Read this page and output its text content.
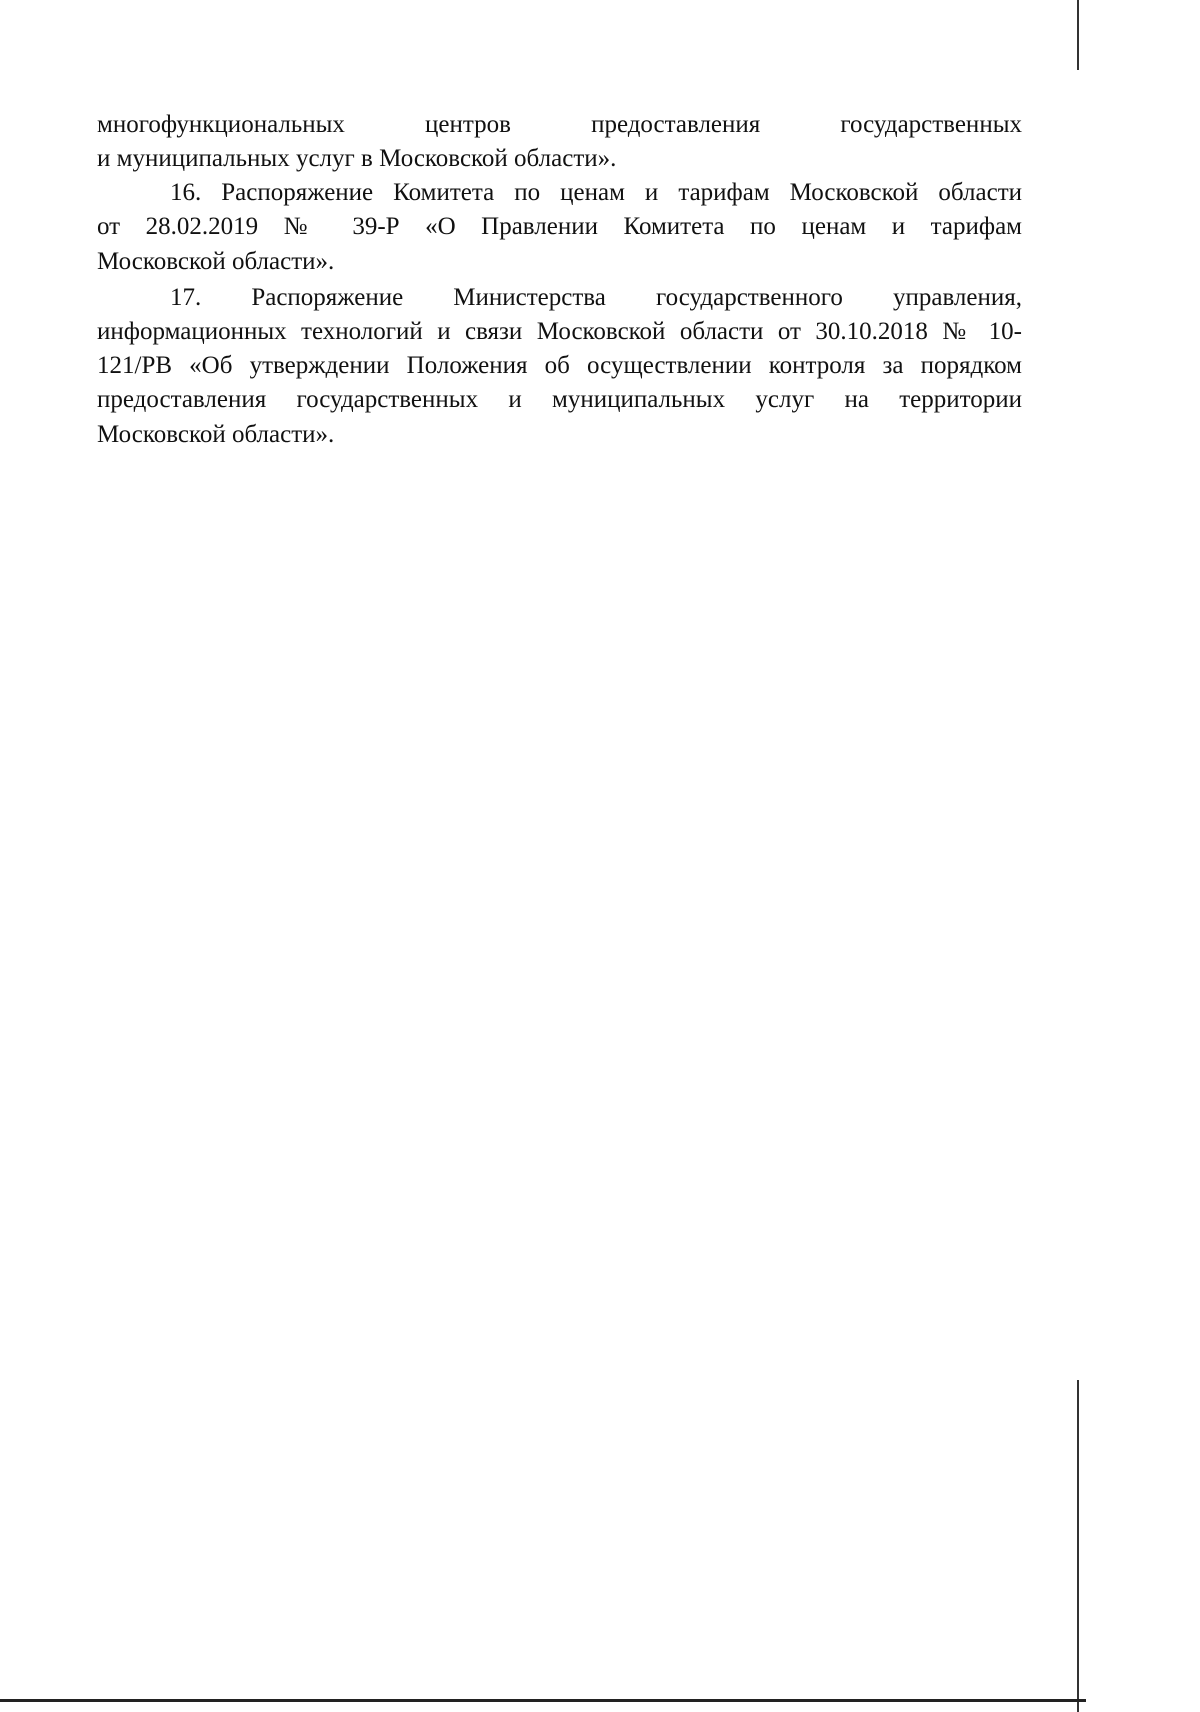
многофункциональных центров предоставления государственных
и муниципальных услуг в Московской области».
16. Распоряжение Комитета по ценам и тарифам Московской области
от 28.02.2019 № 39-Р «О Правлении Комитета по ценам и тарифам
Московской области».
17. Распоряжение Министерства государственного управления,
информационных технологий и связи Московской области от 30.10.2018 № 10-
121/РВ «Об утверждении Положения об осуществлении контроля за порядком
предоставления государственных и муниципальных услуг на территории
Московской области».
